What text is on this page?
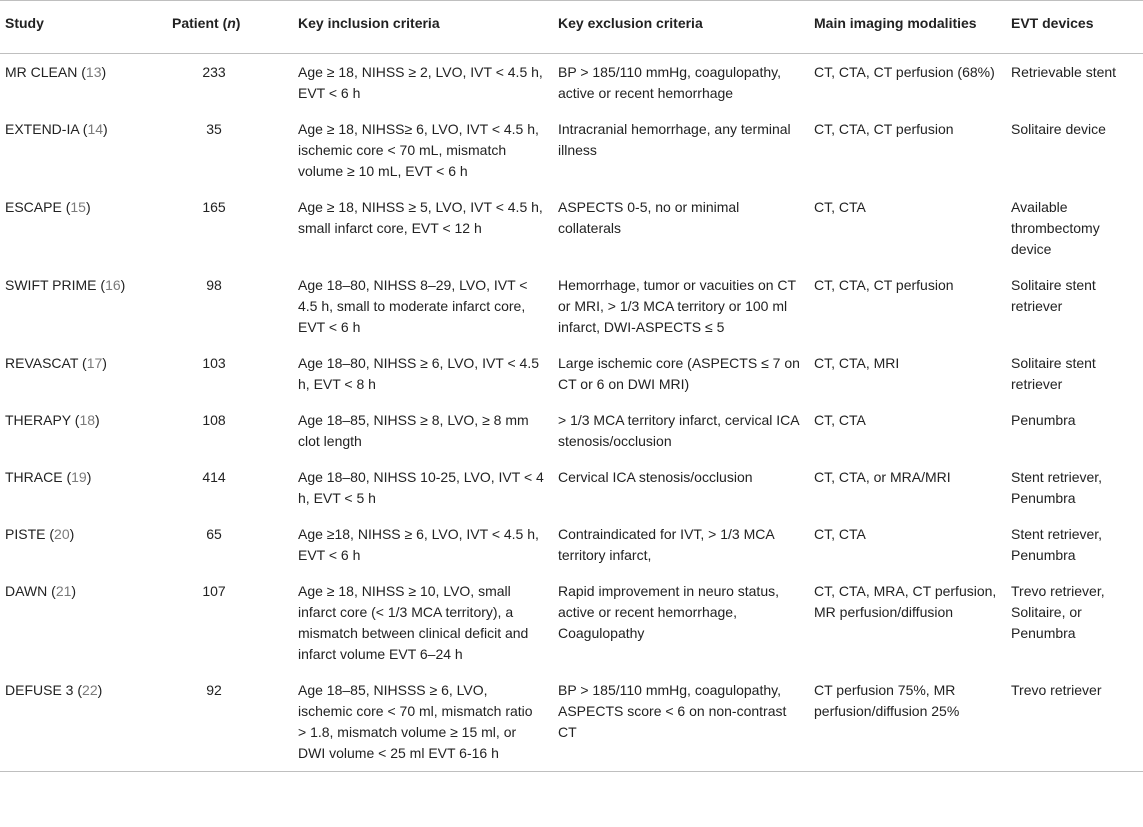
Study	Patient (n)	Key inclusion criteria	Key exclusion criteria	Main imaging modalities	EVT devices
MR CLEAN (13)	233	Age ≥ 18, NIHSS ≥ 2, LVO, IVT < 4.5 h, EVT < 6 h	BP > 185/110 mmHg, coagulopathy, active or recent hemorrhage	CT, CTA, CT perfusion (68%)	Retrievable stent
EXTEND-IA (14)	35	Age ≥ 18, NIHSS≥ 6, LVO, IVT < 4.5 h, ischemic core < 70 mL, mismatch volume ≥ 10 mL, EVT < 6 h	Intracranial hemorrhage, any terminal illness	CT, CTA, CT perfusion	Solitaire device
ESCAPE (15)	165	Age ≥ 18, NIHSS ≥ 5, LVO, IVT < 4.5 h, small infarct core, EVT < 12 h	ASPECTS 0-5, no or minimal collaterals	CT, CTA	Available thrombectomy device
SWIFT PRIME (16)	98	Age 18–80, NIHSS 8–29, LVO, IVT < 4.5 h, small to moderate infarct core, EVT < 6 h	Hemorrhage, tumor or vacuities on CT or MRI, > 1/3 MCA territory or 100 ml infarct, DWI-ASPECTS ≤ 5	CT, CTA, CT perfusion	Solitaire stent retriever
REVASCAT (17)	103	Age 18–80, NIHSS ≥ 6, LVO, IVT < 4.5 h, EVT < 8 h	Large ischemic core (ASPECTS ≤ 7 on CT or 6 on DWI MRI)	CT, CTA, MRI	Solitaire stent retriever
THERAPY (18)	108	Age 18–85, NIHSS ≥ 8, LVO, ≥ 8 mm clot length	> 1/3 MCA territory infarct, cervical ICA stenosis/occlusion	CT, CTA	Penumbra
THRACE (19)	414	Age 18–80, NIHSS 10-25, LVO, IVT < 4 h, EVT < 5 h	Cervical ICA stenosis/occlusion	CT, CTA, or MRA/MRI	Stent retriever, Penumbra
PISTE (20)	65	Age ≥18, NIHSS ≥ 6, LVO, IVT < 4.5 h, EVT < 6 h	Contraindicated for IVT, > 1/3 MCA territory infarct,	CT, CTA	Stent retriever, Penumbra
DAWN (21)	107	Age ≥ 18, NIHSS ≥ 10, LVO, small infarct core (< 1/3 MCA territory), a mismatch between clinical deficit and infarct volume EVT 6–24 h	Rapid improvement in neuro status, active or recent hemorrhage, Coagulopathy	CT, CTA, MRA, CT perfusion, MR perfusion/diffusion	Trevo retriever, Solitaire, or Penumbra
DEFUSE 3 (22)	92	Age 18–85, NIHSSS ≥ 6, LVO, ischemic core < 70 ml, mismatch ratio > 1.8, mismatch volume ≥ 15 ml, or DWI volume < 25 ml EVT 6-16 h	BP > 185/110 mmHg, coagulopathy, ASPECTS score < 6 on non-contrast CT	CT perfusion 75%, MR perfusion/diffusion 25%	Trevo retriever
